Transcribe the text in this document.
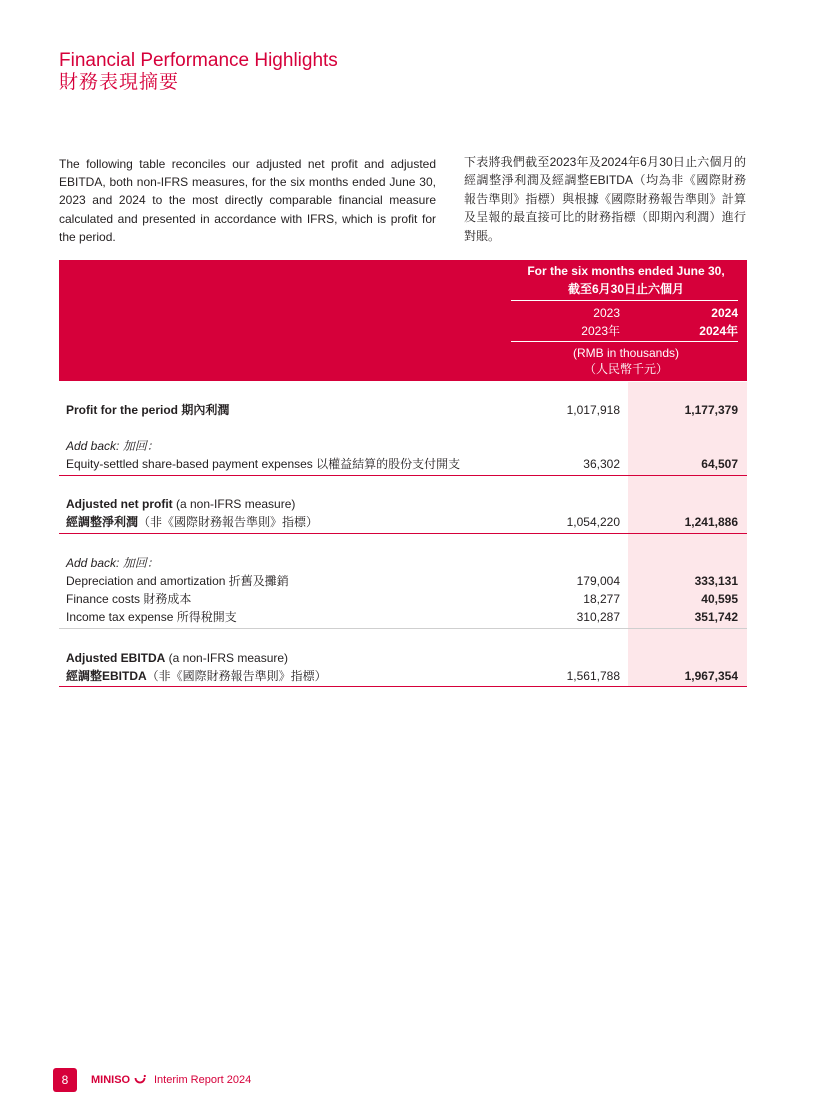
Financial Performance Highlights
財務表現摘要
The following table reconciles our adjusted net profit and adjusted EBITDA, both non-IFRS measures, for the six months ended June 30, 2023 and 2024 to the most directly comparable financial measure calculated and presented in accordance with IFRS, which is profit for the period.
下表將我們截至2023年及2024年6月30日止六個月的經調整淨利潤及經調整EBITDA（均為非《國際財務報告準則》指標）與根據《國際財務報告準則》計算及呈報的最直接可比的財務指標（即期內利潤）進行對賬。
For the six months ended June 30,
截至6月30日止六個月
2023
2023年
2024
2024年
(RMB in thousands)
（人民幣千元）
Profit for the period 期內利潤	1,017,918	1,177,379
Add back: 加回：
Equity-settled share-based payment expenses 以權益結算的股份支付開支	36,302	64,507
Adjusted net profit (a non-IFRS measure)
經調整淨利潤（非《國際財務報告準則》指標）	1,054,220	1,241,886
Add back: 加回：
Depreciation and amortization 折舊及攤銷	179,004	333,131
Finance costs 財務成本	18,277	40,595
Income tax expense 所得稅開支	310,287	351,742
Adjusted EBITDA (a non-IFRS measure)
經調整EBITDA（非《國際財務報告準則》指標）	1,561,788	1,967,354
8	MINISO Interim Report 2024
